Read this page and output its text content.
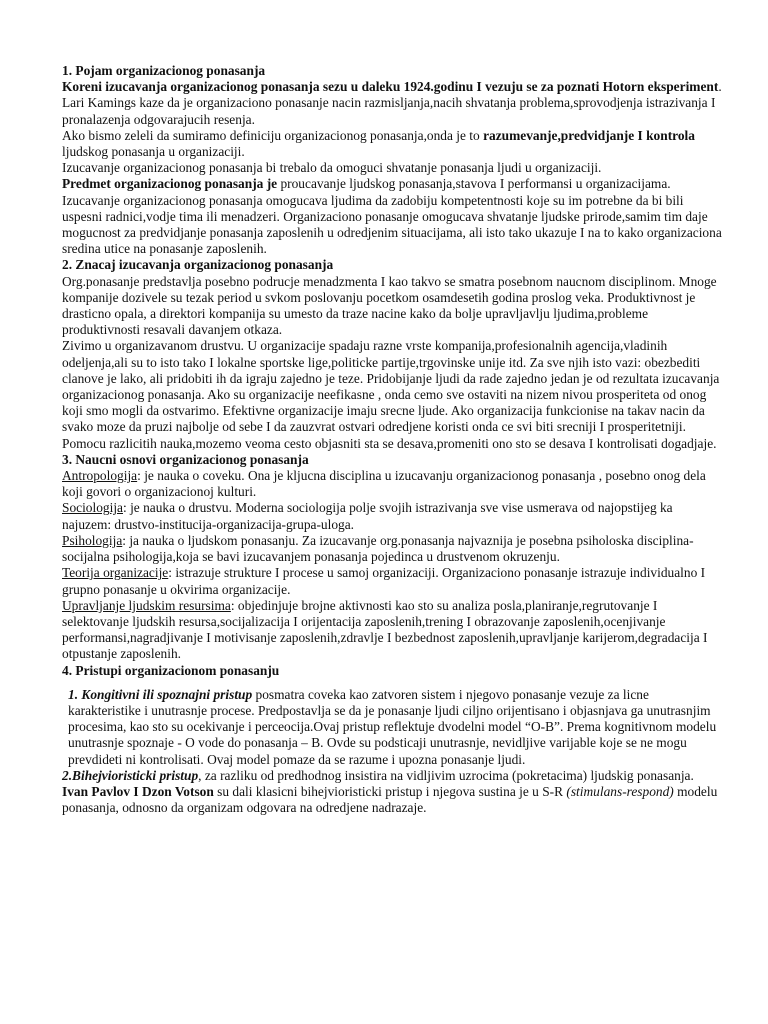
1. Pojam organizacionog ponasanja

Koreni izucavanja organizacionog ponasanja sezu u daleku 1924.godinu I vezuju se za poznati Hotorn eksperiment. Lari Kamings kaze da je organizaciono ponasanje nacin razmisljanja,nacih shvatanja problema,sprovodjenja istrazivanja I pronalazenja odgovarajucih resenja.

Ako bismo zeleli da sumiramo definiciju organizacionog ponasanja,onda je to razumevanje,predvidjanje I kontrola ljudskog ponasanja u organizaciji.

Izucavanje organizacionog ponasanja bi trebalo da omoguci shvatanje ponasanja ljudi u organizaciji.

Predmet organizacionog ponasanja je proucavanje ljudskog ponasanja,stavova I performansi u organizacijama.

Izucavanje organizacionog ponasanja omogucava ljudima da zadobiju kompetentnosti koje su im potrebne da bi bili uspesni radnici,vodje tima ili menadzeri. Organizaciono ponasanje omogucava shvatanje ljudske prirode,samim tim daje mogucnost za predvidjanje ponasanja zaposlenih u odredjenim situacijama, ali isto tako ukazuje I na to kako organizaciona sredina utice na ponasanje zaposlenih.

2. Znacaj izucavanja organizacionog ponasanja

Org.ponasanje predstavlja posebno podrucje menadzmenta I kao takvo se smatra posebnom naucnom disciplinom. Mnoge kompanije dozivele su tezak period u svkom poslovanju pocetkom osamdesetih godina proslog veka. Produktivnost je drasticno opala, a direktori kompanija su umesto da traze nacine kako da bolje upravljavlju ljudima,probleme produktivnosti resavali davanjem otkaza.

Zivimo u organizavanom drustvu. U organizacije spadaju razne vrste kompanija,profesionalnih agencija,vladinih odeljenja,ali su to isto tako I lokalne sportske lige,politicke partije,trgovinske unije itd. Za sve njih isto vazi: obezbediti clanove je lako, ali pridobiti ih da igraju zajedno je teze. Pridobijanje ljudi da rade zajedno jedan je od rezultata izucavanja organizacionog ponasanja. Ako su organizacije neefikasne , onda cemo sve ostaviti na nizem nivou prosperiteta od onog koji smo mogli da ostvarimo. Efektivne organizacije imaju srecne ljude. Ako organizacija funkcionise na takav nacin da svako moze da pruzi najbolje od sebe I da zauzvrat ostvari odredjene koristi onda ce svi biti srecniji I prosperitetniji. Pomocu razlicitih nauka,mozemo veoma cesto objasniti sta se desava,promeniti ono sto se desava I kontrolisati dogadjaje.

3. Naucni osnovi organizacionog ponasanja

Antropologija: je nauka o coveku. Ona je kljucna disciplina u izucavanju organizacionog ponasanja , posebno onog dela koji govori o organizacionoj kulturi.

Sociologija: je nauka o drustvu. Moderna sociologija polje svojih istrazivanja sve vise usmerava od najopstijeg ka najuzem: drustvo-institucija-organizacija-grupa-uloga.

Psihologija: ja nauka o ljudskom ponasanju. Za izucavanje org.ponasanja najvaznija je posebna psiholoska disciplina-socijalna psihologija,koja se bavi izucavanjem ponasanja pojedinca u drustvenom okruzenju.

Teorija organizacije: istrazuje strukture I procese u samoj organizaciji. Organizaciono ponasanje istrazuje individualno I grupno ponasanje u okvirima organizacije.

Upravljanje ljudskim resursima: objedinjuje brojne aktivnosti kao sto su analiza posla,planiranje,regrutovanje I selektovanje ljudskih resursa,socijalizacija I orijentacija zaposlenih,trening I obrazovanje zaposlenih,ocenjivanje performansi,nagradjivanje I motivisanje zaposlenih,zdravlje I bezbednost zaposlenih,upravljanje karijerom,degradacija I otpustanje zaposlenih.

4. Pristupi organizacionom ponasanju

1. Kongitivni ili spoznajni pristup posmatra coveka kao zatvoren sistem i njegovo ponasanje vezuje za licne karakteristike i unutrasnje procese. Predpostavlja se da je ponasanje ljudi ciljno orijentisano i objasnjava ga unutrasnjim procesima, kao sto su ocekivanje i perceocija.Ovaj pristup reflektuje dvodelni model “O-B”. Prema kognitivnom modelu unutrasnje spoznaje - O vode do ponasanja – B. Ovde su podsticaji unutrasnje, nevidljive varijable koje se ne mogu prevdideti ni kontrolisati. Ovaj model pomaze da se razume i upozna ponasanje ljudi.

2.Bihejvioristicki pristup, za razliku od predhodnog insistira na vidljivim uzrocima (pokretacima) ljudskig ponasanja. Ivan Pavlov I Dzon Votson su dali klasicni bihejvioristicki pristup i njegova sustina je u S-R (stimulans-respond) modelu ponasanja, odnosno da organizam odgovara na odredjene nadrazaje.
